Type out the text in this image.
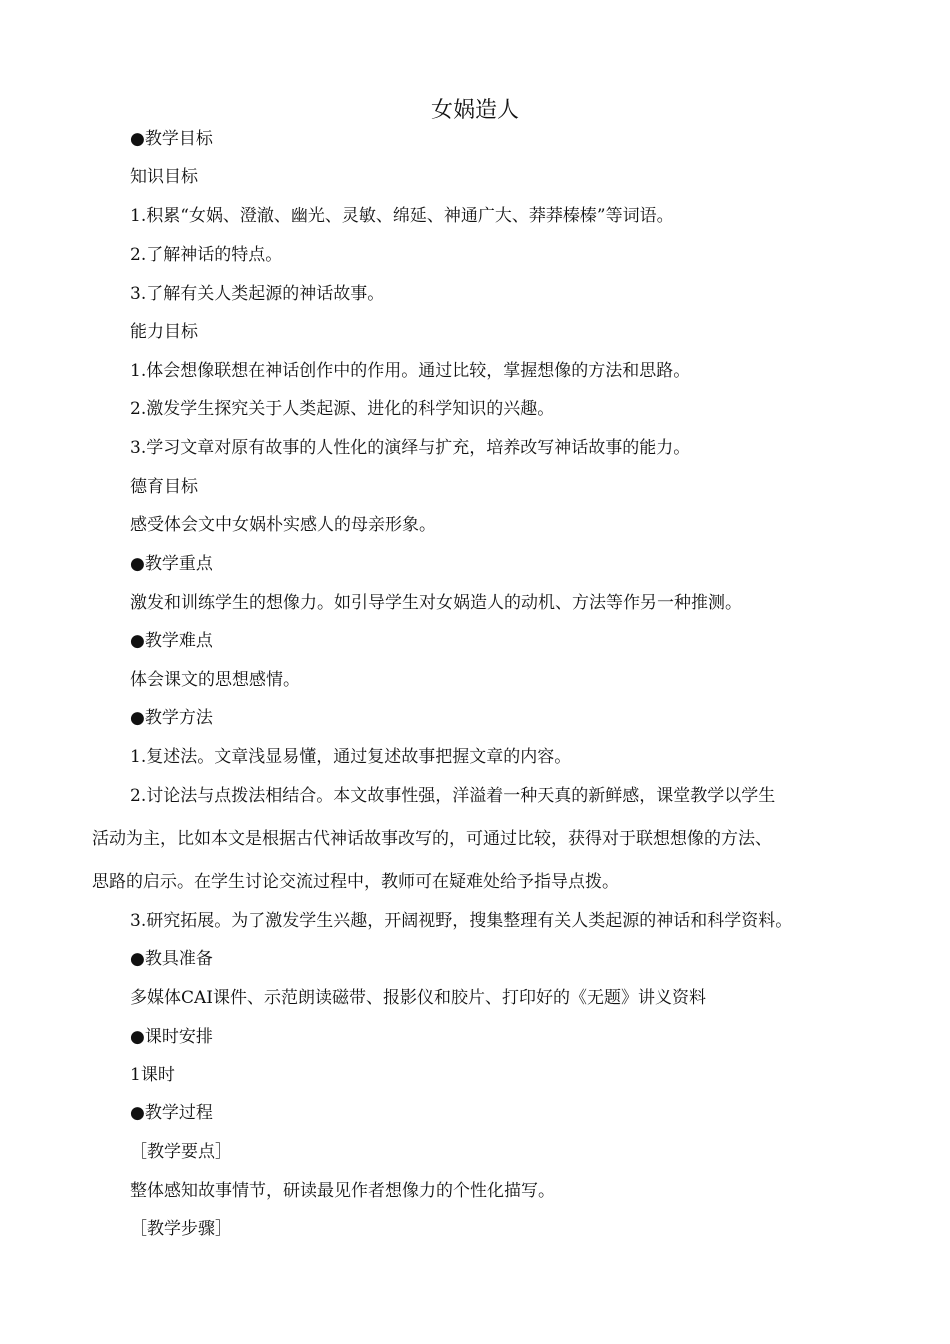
女娲造人
●教学目标
知识目标
1.积累“女娲、澄澈、幽光、灵敏、绵延、神通广大、莽莽榛榛”等词语。
2.了解神话的特点。
3.了解有关人类起源的神话故事。
能力目标
1.体会想像联想在神话创作中的作用。通过比较，掌握想像的方法和思路。
2.激发学生探究关于人类起源、进化的科学知识的兴趣。
3.学习文章对原有故事的人性化的演绎与扩充，培养改写神话故事的能力。
德育目标
感受体会文中女娲朴实感人的母亲形象。
●教学重点
激发和训练学生的想像力。如引导学生对女娲造人的动机、方法等作另一种推测。
●教学难点
体会课文的思想感情。
●教学方法
1.复述法。文章浅显易懂，通过复述故事把握文章的内容。
2.讨论法与点拨法相结合。本文故事性强，洋溢着一种天真的新鲜感，课堂教学以学生
活动为主，比如本文是根据古代神话故事改写的，可通过比较，获得对于联想想像的方法、
思路的启示。在学生讨论交流过程中，教师可在疑难处给予指导点拨。
3.研究拓展。为了激发学生兴趣，开阔视野，搜集整理有关人类起源的神话和科学资料。
●教具准备
多媒体CAI课件、示范朗读磁带、报影仪和胶片、打印好的《无题》讲义资料
●课时安排
1课时
●教学过程
［教学要点］
整体感知故事情节，研读最见作者想像力的个性化描写。
［教学步骤］
